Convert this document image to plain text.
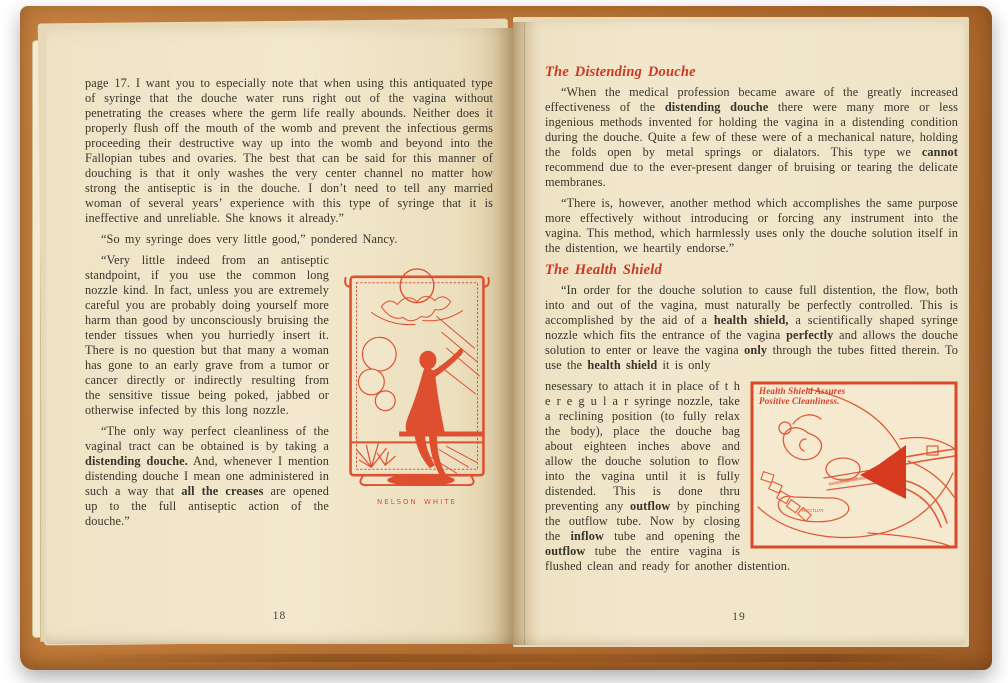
page 17. I want you to especially note that when using this antiquated type of syringe that the douche water runs right out of the vagina without penetrating the creases where the germ life really abounds. Neither does it properly flush off the mouth of the womb and prevent the infectious germs proceeding their destructive way up into the womb and beyond into the Fallopian tubes and ovaries. The best that can be said for this manner of douching is that it only washes the very center channel no matter how strong the antiseptic is in the douche. I don’t need to tell any married woman of several years’ experience with this type of syringe that it is ineffective and unreliable. She knows it already.”

“So my syringe does very little good,” pondered Nancy.

NELSON WHITE

“Very little indeed from an antiseptic standpoint, if you use the common long nozzle kind. In fact, unless you are extremely careful you are probably doing yourself more harm than good by unconsciously bruising the tender tissues when you hurriedly insert it. There is no question but that many a woman has gone to an early grave from a tumor or cancer directly or indirectly resulting from the sensitive tissue being poked, jabbed or otherwise infected by this long nozzle.

“The only way perfect cleanliness of the vaginal tract can be obtained is by taking a distending douche. And, whenever I mention distending douche I mean one administered in such a way that all the creases are opened up to the full antiseptic action of the douche.”

18
The Distending Douche

“When the medical profession became aware of the greatly increased effectiveness of the distending douche there were many more or less ingenious methods invented for holding the vagina in a distending condition during the douche. Quite a few of these were of a mechanical nature, holding the folds open by metal springs or dialators. This type we cannot recommend due to the ever-present danger of bruising or tearing the delicate membranes.

“There is, however, another method which accomplishes the same purpose more effectively without introducing or forcing any instrument into the vagina. This method, which harmlessly uses only the douche solution itself in the distention, we heartily endorse.”

The Health Shield

“In order for the douche solution to cause full distention, the flow, both into and out of the vagina, must naturally be perfectly controlled. This is accomplished by the aid of a health shield, a scientifically shaped syringe nozzle which fits the entrance of the vagina perfectly and allows the douche solution to enter or leave the vagina only through the tubes fitted therein. To use the health shield it is only

Vagina
Rectum
Health Shield Assures
Positive Cleanliness.

nesessary to attach it in place of t h e r e g u l a r syringe nozzle, take a reclining position (to fully relax the body), place the douche bag about eighteen inches above and allow the douche solution to flow into the vagina until it is fully distended. This is done thru preventing any outflow by pinching the outflow tube. Now by closing the inflow tube and opening the outflow tube the entire vagina is flushed clean and ready for another distention.

19
